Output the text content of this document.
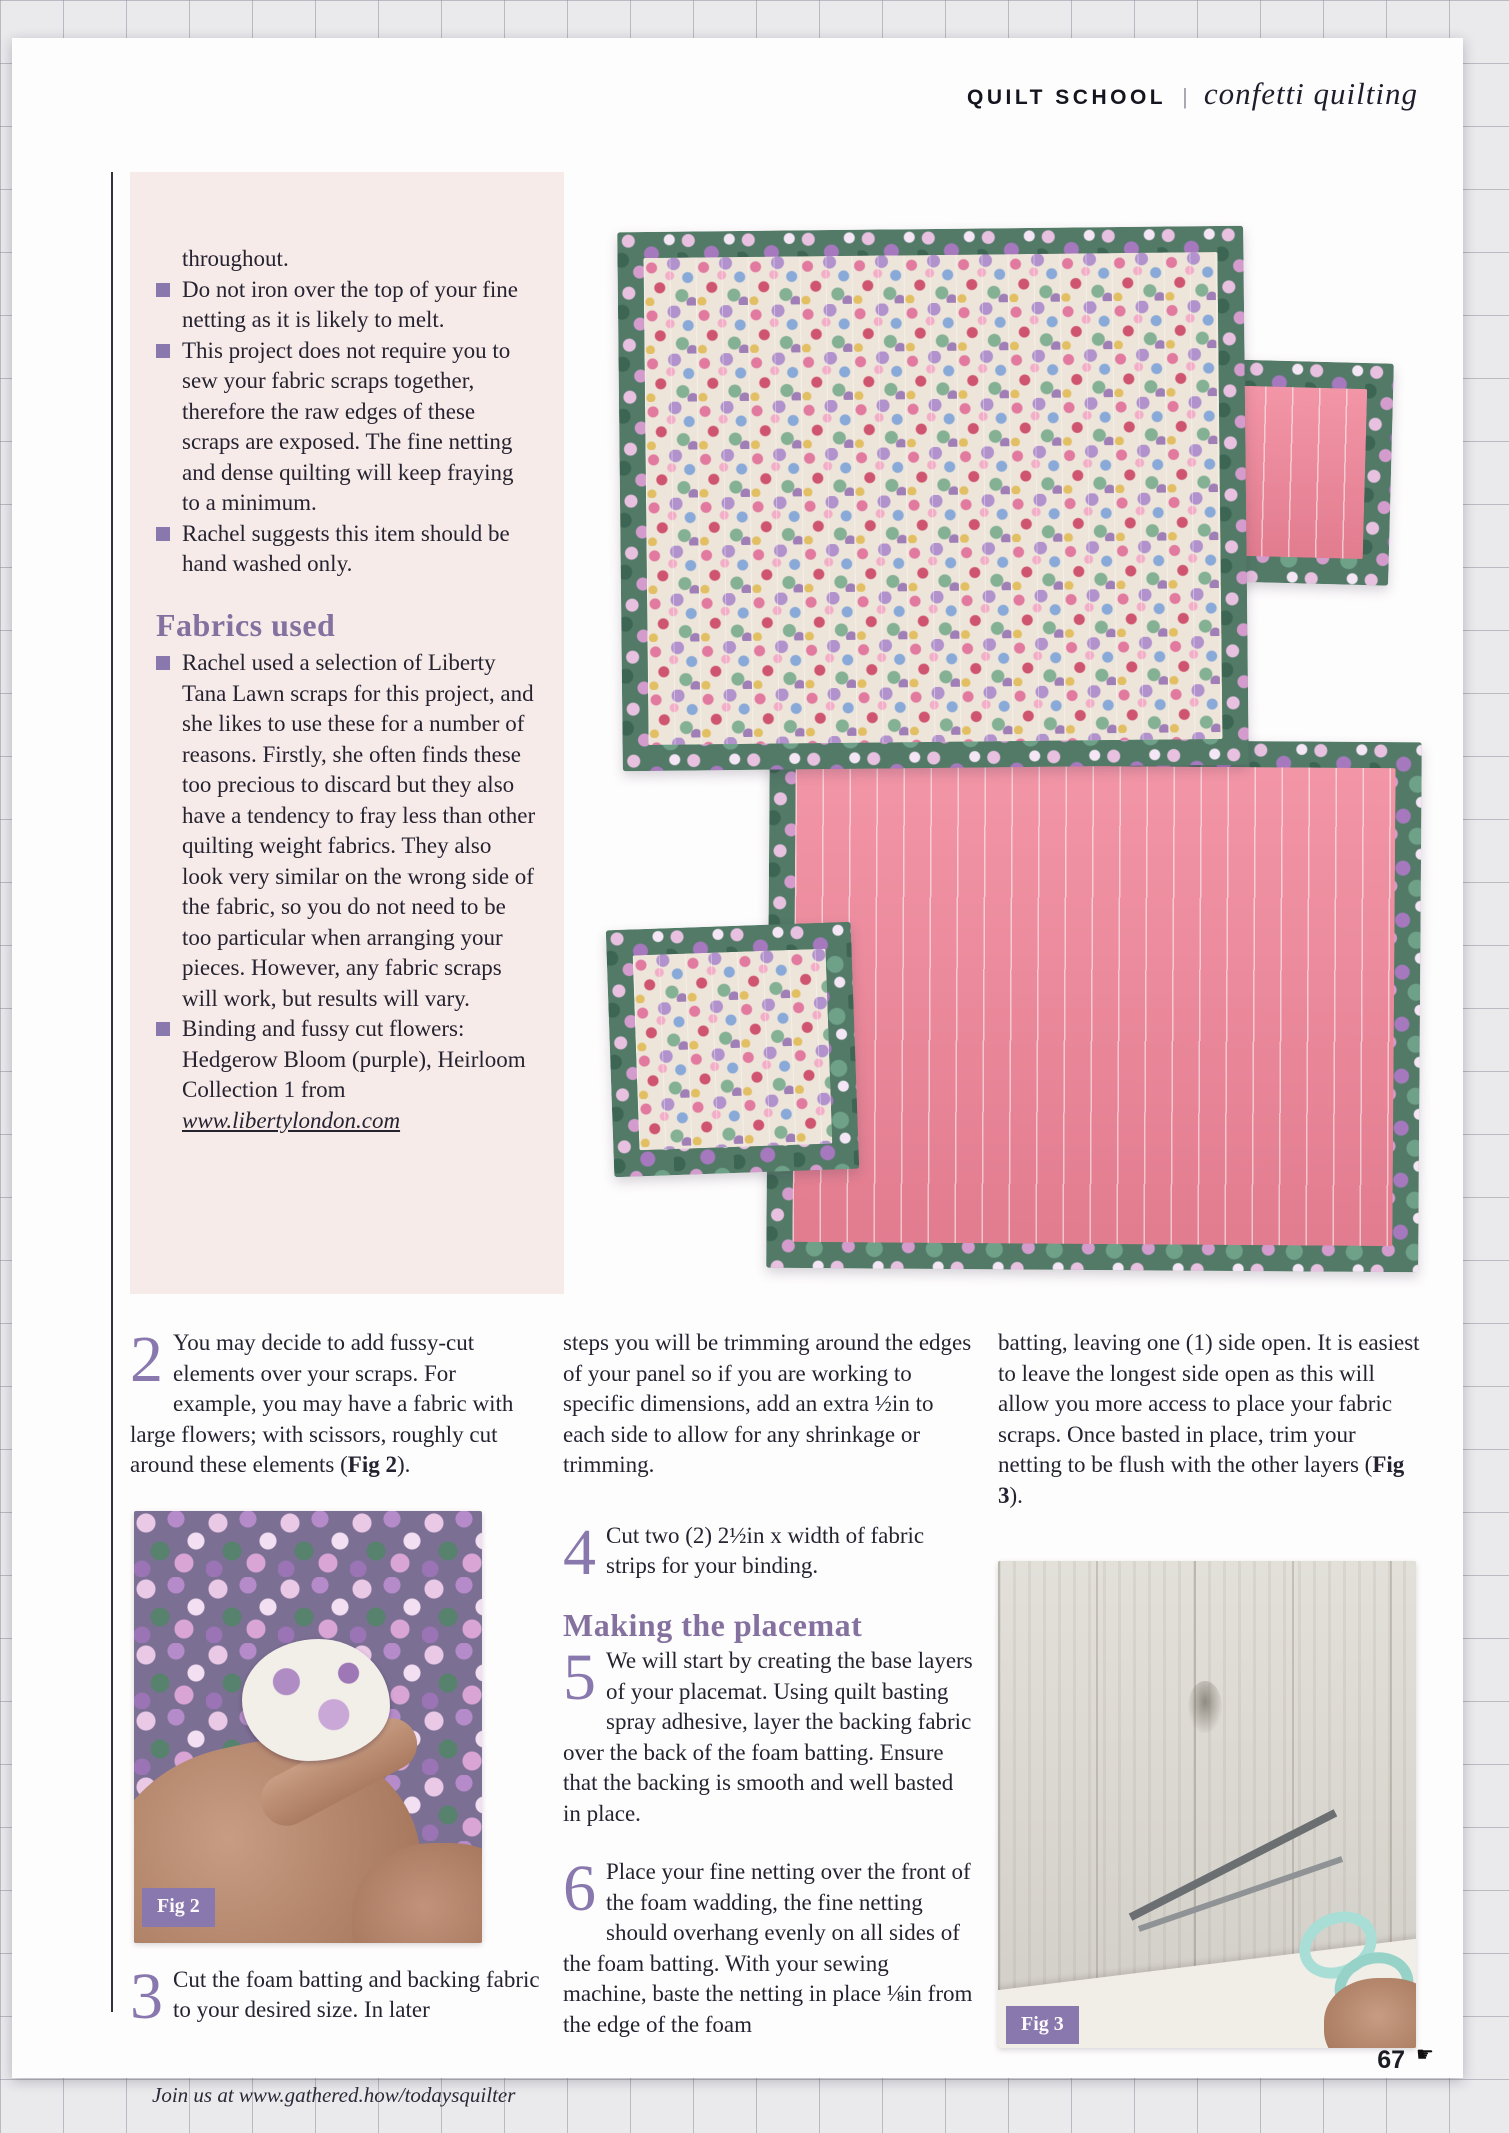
QUILT SCHOOL | confetti quilting

throughout.

Do not iron over the top of your fine netting as it is likely to melt.
This project does not require you to sew your fabric scraps together, therefore the raw edges of these scraps are exposed. The fine netting and dense quilting will keep fraying to a minimum.
Rachel suggests this item should be hand washed only.
Fabrics used
Rachel used a selection of Liberty Tana Lawn scraps for this project, and she likes to use these for a number of reasons. Firstly, she often finds these too precious to discard but they also have a tendency to fray less than other quilting weight fabrics. They also look very similar on the wrong side of the fabric, so you do not need to be too particular when arranging your pieces. However, any fabric scraps will work, but results will vary.
Binding and fussy cut flowers: Hedgerow Bloom (purple), Heirloom Collection 1 from www.libertylondon.com

2 You may decide to add fussy-cut elements over your scraps. For example, you may have a fabric with large flowers; with scissors, roughly cut around these elements (Fig 2).

Fig 2

3 Cut the foam batting and backing fabric to your desired size. In later

steps you will be trimming around the edges of your panel so if you are working to specific dimensions, add an extra ½in to each side to allow for any shrinkage or trimming.

4 Cut two (2) 2½in x width of fabric strips for your binding.

Making the placemat

5 We will start by creating the base layers of your placemat. Using quilt basting spray adhesive, layer the backing fabric over the back of the foam batting. Ensure that the backing is smooth and well basted in place.

6 Place your fine netting over the front of the foam wadding, the fine netting should overhang evenly on all sides of the foam batting. With your sewing machine, baste the netting in place ⅛in from the edge of the foam

batting, leaving one (1) side open. It is easiest to leave the longest side open as this will allow you more access to place your fabric scraps. Once basted in place, trim your netting to be flush with the other layers (Fig 3).

Fig 3

Join us at www.gathered.how/todaysquilter

☛
67
